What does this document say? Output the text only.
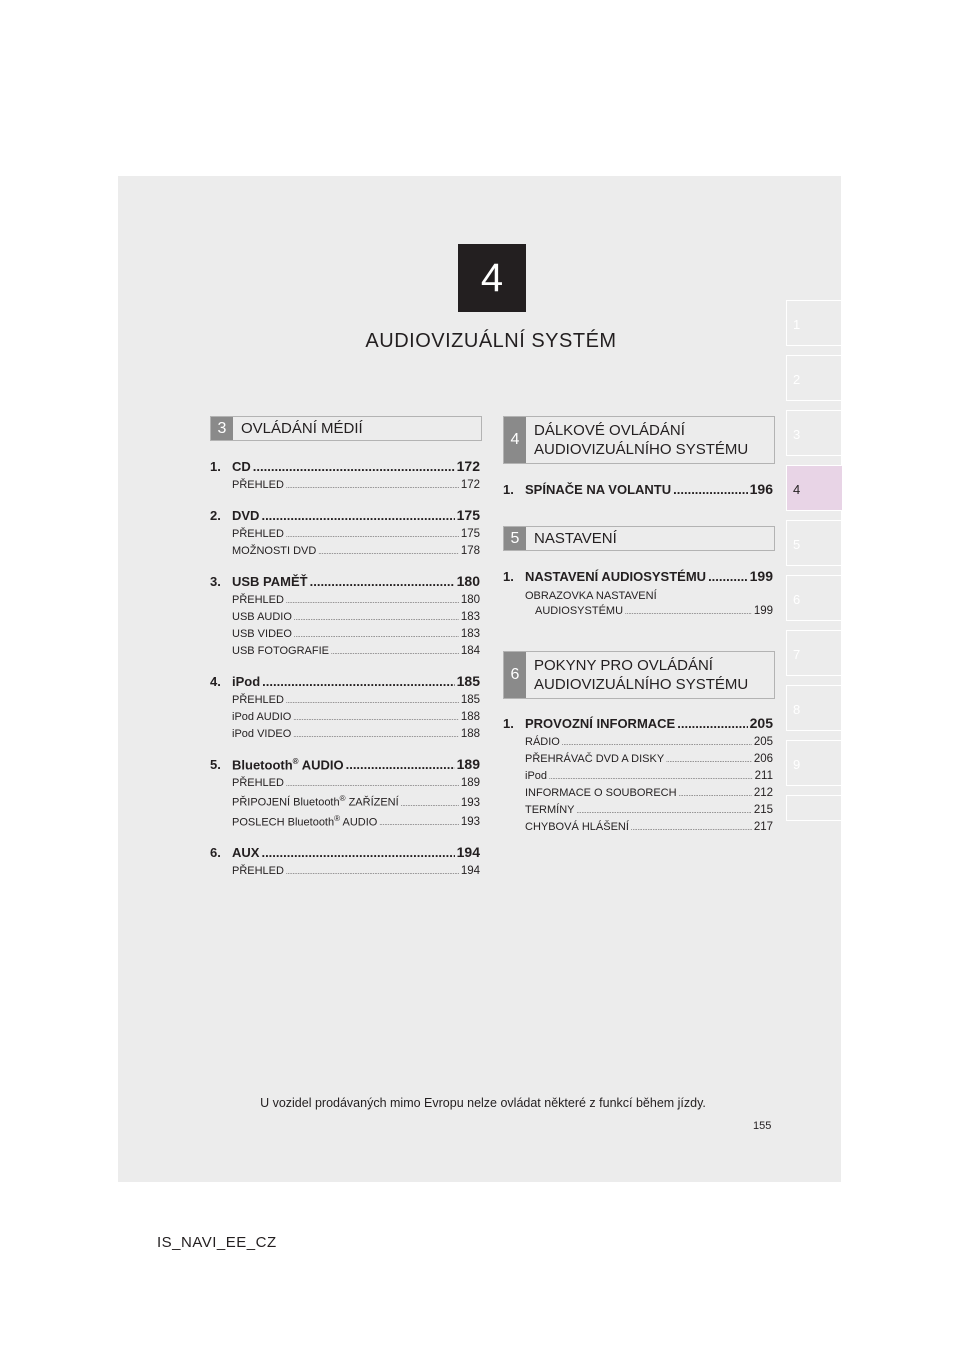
4
AUDIOVIZUÁLNÍ SYSTÉM
1
2
3
4
5
6
7
8
9
3 OVLÁDÁNÍ MÉDIÍ
1. CD .....	172
PŘEHLED .....	172
2. DVD .....	175
PŘEHLED .....	175
MOŽNOSTI DVD .....	178
3. USB PAMĚŤ .....	180
PŘEHLED .....	180
USB AUDIO .....	183
USB VIDEO .....	183
USB FOTOGRAFIE .....	184
4. iPod .....	185
PŘEHLED .....	185
iPod AUDIO .....	188
iPod VIDEO .....	188
5. Bluetooth® AUDIO .....	189
PŘEHLED .....	189
PŘIPOJENÍ Bluetooth® ZAŘÍZENÍ .....	193
POSLECH Bluetooth® AUDIO .....	193
6. AUX .....	194
PŘEHLED .....	194
4
DÁLKOVÉ OVLÁDÁNÍ
AUDIOVIZUÁLNÍHO SYSTÉMU
1. SPÍNAČE NA VOLANTU .....	196
5 NASTAVENÍ
1. NASTAVENÍ AUDIOSYSTÉMU .....	199
OBRAZOVKA NASTAVENÍ
AUDIOSYSTÉMU .....	199
6
POKYNY PRO OVLÁDÁNÍ
AUDIOVIZUÁLNÍHO SYSTÉMU
1. PROVOZNÍ INFORMACE .....	205
RÁDIO .....	205
PŘEHRÁVAČ DVD A DISKY .....	206
iPod .....	211
INFORMACE O SOUBORECH .....	212
TERMÍNY .....	215
CHYBOVÁ HLÁŠENÍ .....	217
U vozidel prodávaných mimo Evropu nelze ovládat některé z funkcí během jízdy.
155
IS_NAVI_EE_CZ
